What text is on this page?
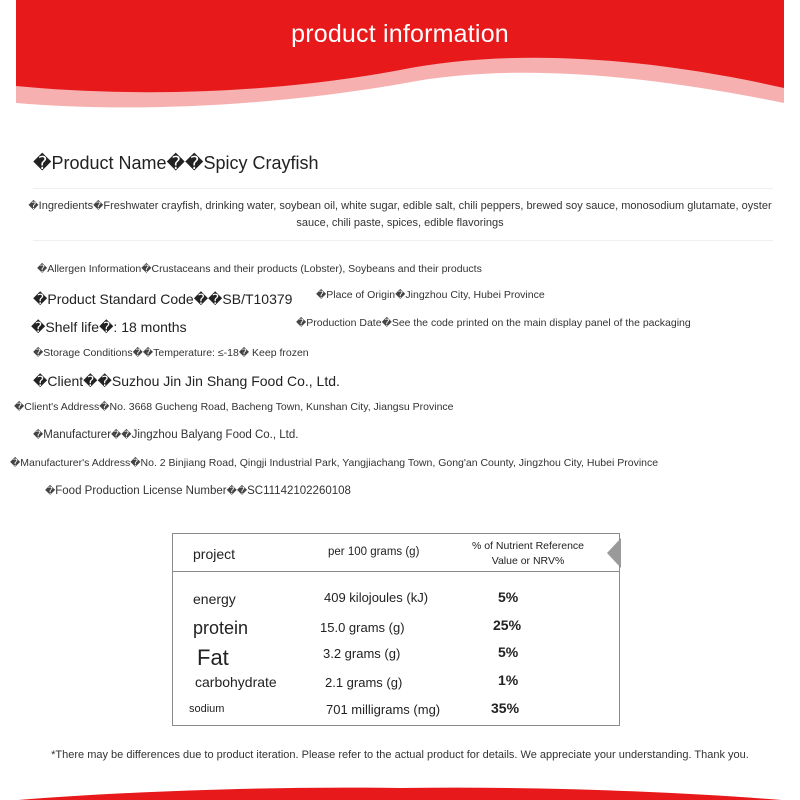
product information
�Product Name��Spicy Crayfish
�Ingredients�Freshwater crayfish, drinking water, soybean oil, white sugar, edible salt, chili peppers, brewed soy sauce, monosodium glutamate, oyster sauce, chili paste, spices, edible flavorings
�Allergen Information�Crustaceans and their products (Lobster), Soybeans and their products
�Product Standard Code��SB/T10379 �Place of Origin�Jingzhou City, Hubei Province
�Shelf life�: 18 months	�Production Date�See the code printed on the main display panel of the packaging
�Storage Conditions��Temperature: ≤-18� Keep frozen
�Client��Suzhou Jin Jin Shang Food Co., Ltd.
�Client's Address�No. 3668 Gucheng Road, Bacheng Town, Kunshan City, Jiangsu Province
�Manufacturer��Jingzhou Balyang Food Co., Ltd.
�Manufacturer's Address�No. 2 Binjiang Road, Qingji Industrial Park, Yangjiachang Town, Gong'an County, Jingzhou City, Hubei Province
�Food Production License Number��SC11142102260108
project	per 100 grams (g)	% of Nutrient Reference Value or NRV%
energy	409 kilojoules (kJ)	5%
protein	15.0 grams (g)	25%
Fat	3.2 grams (g)	5%
carbohydrate	2.1 grams (g)	1%
sodium	701 milligrams (mg)	35%
*There may be differences due to product iteration. Please refer to the actual product for details. We appreciate your understanding. Thank you.
